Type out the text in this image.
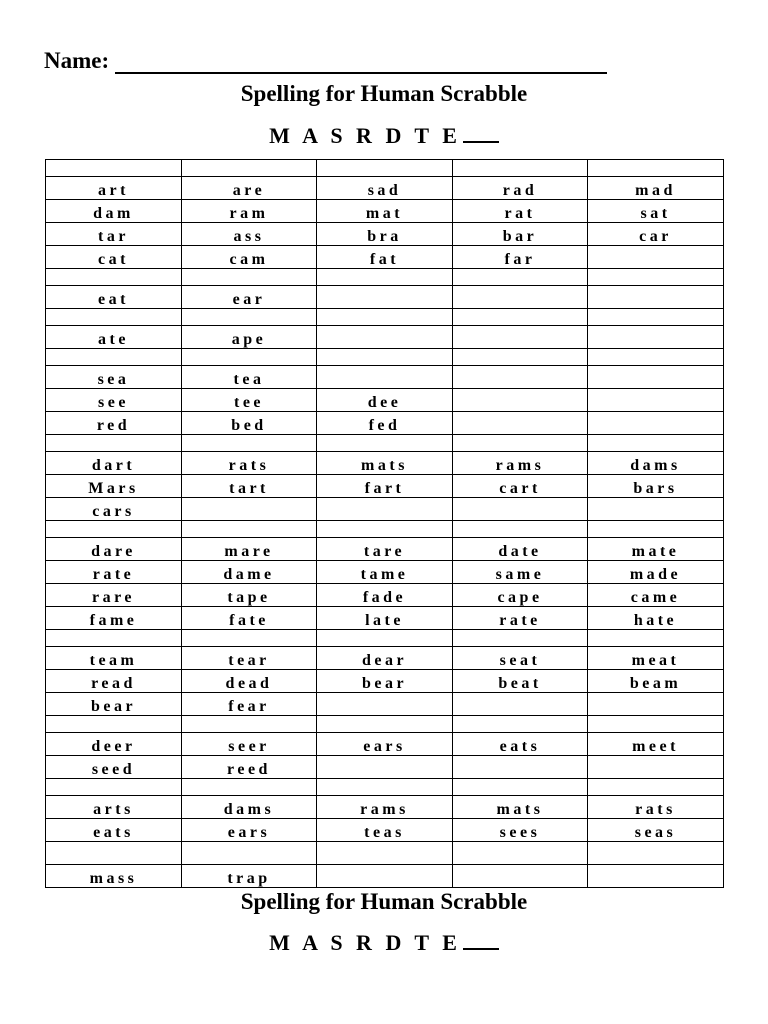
Name:
Spelling for Human Scrabble
M A S R D T E

art	are	sad	rad	mad
dam	ram	mat	rat	sat
tar	ass	bra	bar	car
cat	cam	fat	far	

eat	ear			

ate	ape			

sea	tea			
see	tee	dee		
red	bed	fed		

dart	rats	mats	rams	dams
Mars	tart	fart	cart	bars
cars				

dare	mare	tare	date	mate
rate	dame	tame	same	made
rare	tape	fade	cape	came
fame	fate	late	rate	hate

team	tear	dear	seat	meat
read	dead	bear	beat	beam
bear	fear			

deer	seer	ears	eats	meet
seed	reed			

arts	dams	rams	mats	rats
eats	ears	teas	sees	seas

mass	trap			
Spelling for Human Scrabble
M A S R D T E
